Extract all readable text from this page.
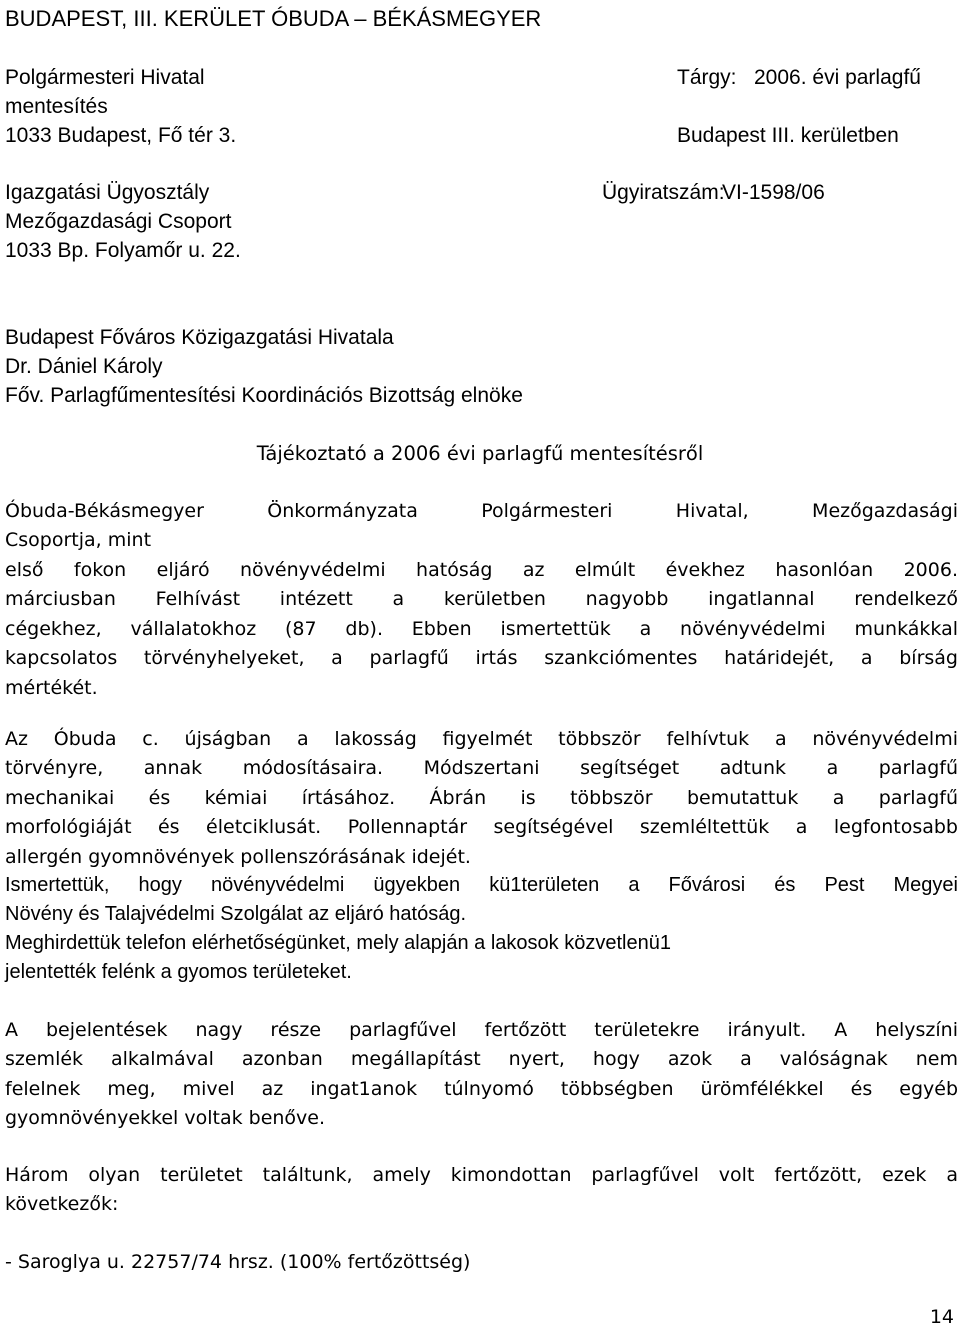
BUDAPEST, III. KERÜLET ÓBUDA – BÉKÁSMEGYER
Polgármesteri Hivatal
mentesítés
1033 Budapest, Fő tér 3.
Tárgy: 2006. évi parlagfű
Budapest III. kerületben
Igazgatási Ügyosztály
Mezőgazdasági Csoport
1033 Bp. Folyamőr u. 22.
Ügyiratszám:
VI-1598/06
Budapest Főváros Közigazgatási Hivatala
Dr. Dániel Károly
Főv. Parlagfűmentesítési Koordinációs Bizottság elnöke
Tájékoztató a 2006 évi parlagfű mentesítésről
Óbuda-Békásmegyer Önkormányzata Polgármesteri Hivatal, Mezőgazdasági
Csoportja, mint
első fokon eljáró növényvédelmi hatóság az elmúlt évekhez hasonlóan 2006.
márciusban Felhívást intézett a kerületben nagyobb ingatlannal rendelkező
cégekhez, vállalatokhoz (87 db). Ebben ismertettük a növényvédelmi munkákkal
kapcsolatos törvényhelyeket, a parlagfű irtás szankciómentes határidejét, a bírság
mértékét.
Az Óbuda c. újságban a lakosság figyelmét többször felhívtuk a növényvédelmi
törvényre, annak módosításaira. Módszertani segítséget adtunk a parlagfű
mechanikai és kémiai írtásához. Ábrán is többször bemutattuk a parlagfű
morfológiáját és életciklusát. Pollennaptár segítségével szemléltettük a legfontosabb
allergén gyomnövények pollenszórásának idejét.
Ismertettük, hogy növényvédelmi ügyekben kü1területen a Fővárosi és Pest Megyei
Növény és Talajvédelmi Szolgálat az eljáró hatóság.
Meghirdettük telefon elérhetőségünket, mely alapján a lakosok közvetlenü1
jelentették felénk a gyomos területeket.
A bejelentések nagy része parlagfűvel fertőzött területekre irányult. A helyszíni
szemlék alkalmával azonban megállapítást nyert, hogy azok a valóságnak nem
felelnek meg, mivel az ingat1anok túlnyomó többségben ürömfélékkel és egyéb
gyomnövényekkel voltak benőve.
Három olyan területet találtunk, amely kimondottan parlagfűvel volt fertőzött, ezek a
következők:
- Saroglya u. 22757/74 hrsz. (100% fertőzöttség)
14
